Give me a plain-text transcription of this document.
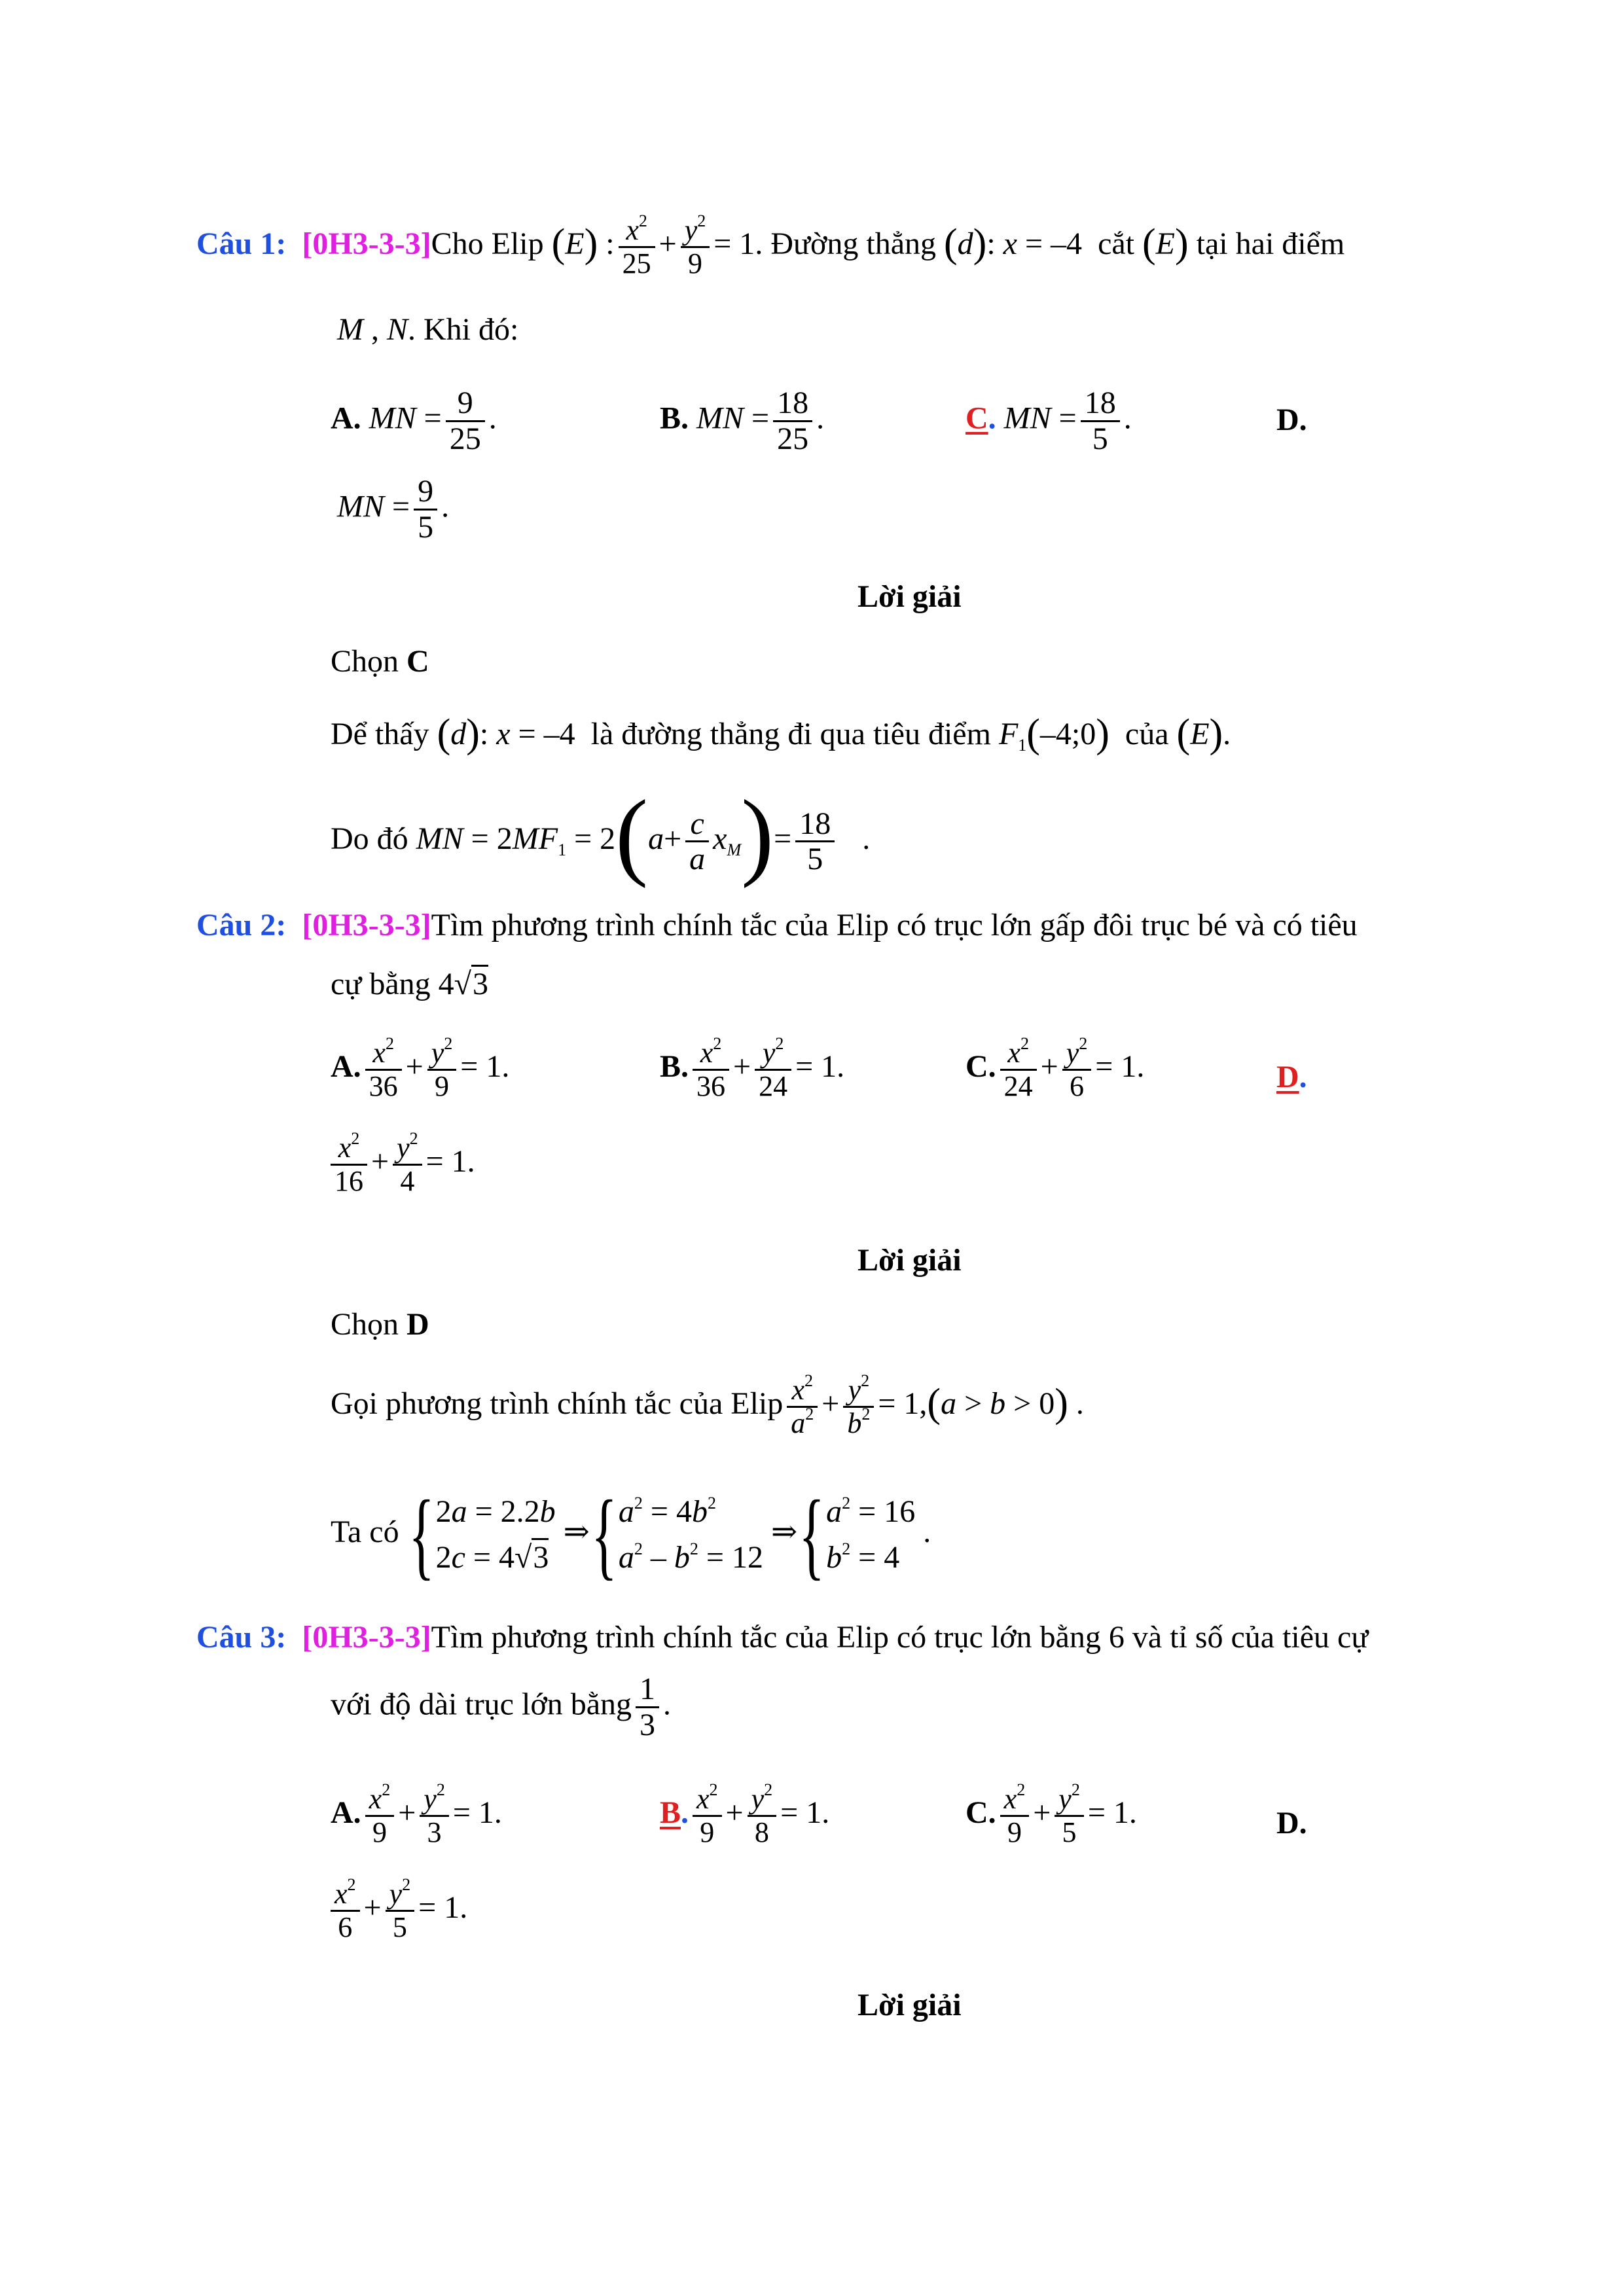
Câu 1: [0H3-3-3]Cho Elip (E) : $\frac{x^2}{25} + \frac{y^2}{9} = 1$. Đường thẳng (d): x = –4  cắt (E) tại hai điểm
M , N. Khi đó:
A. MN = $\frac{9}{25}$ .	B. MN = $\frac{18}{25}$ .	C. MN = $\frac{18}{5}$ .	D.
MN = $\frac{9}{5}$ .
Lời giải
Chọn C
Dể thấy (d): x = –4  là đường thẳng đi qua tiêu điểm $F_1(-4;0)$ của (E).
Do đó MN = $2MF_1 = 2(a+ \frac{c}{a} x_M)= \frac{18}{5}$ .
Câu 2: [0H3-3-3]Tìm phương trình chính tắc của Elip có trục lớn gấp đôi trục bé và có tiêu
cự bằng 4√3
A. $\frac{x^2}{36} + \frac{y^2}{9} = 1$.	B. $\frac{x^2}{36} + \frac{y^2}{24} = 1$.	C. $\frac{x^2}{24} + \frac{y^2}{6} = 1$.	D.
$\frac{x^2}{16} + \frac{y^2}{4} = 1$.
Lời giải
Chọn D
Gọi phương trình chính tắc của Elip $\frac{x^2}{a^2} + \frac{y^2}{b^2} = 1,(a > b > 0)$ .
Ta có {2a = 2.2b
2c = 4√3 $\Rightarrow\{a^2 = 4b^2$
$a^2 - b^2 = 12$ $\Rightarrow\{a^2 = 16$
$b^2 = 4$ .
Câu 3: [0H3-3-3]Tìm phương trình chính tắc của Elip có trục lớn bằng 6 và tỉ số của tiêu cự
với độ dài trục lớn bằng $\frac{1}{3}$ .
A. $\frac{x^2}{9} + \frac{y^2}{3} = 1$.	B. $\frac{x^2}{9} + \frac{y^2}{8} = 1$.	C. $\frac{x^2}{9} + \frac{y^2}{5} = 1$.	D.
$\frac{x^2}{6} + \frac{y^2}{5} = 1$.
Lời giải
